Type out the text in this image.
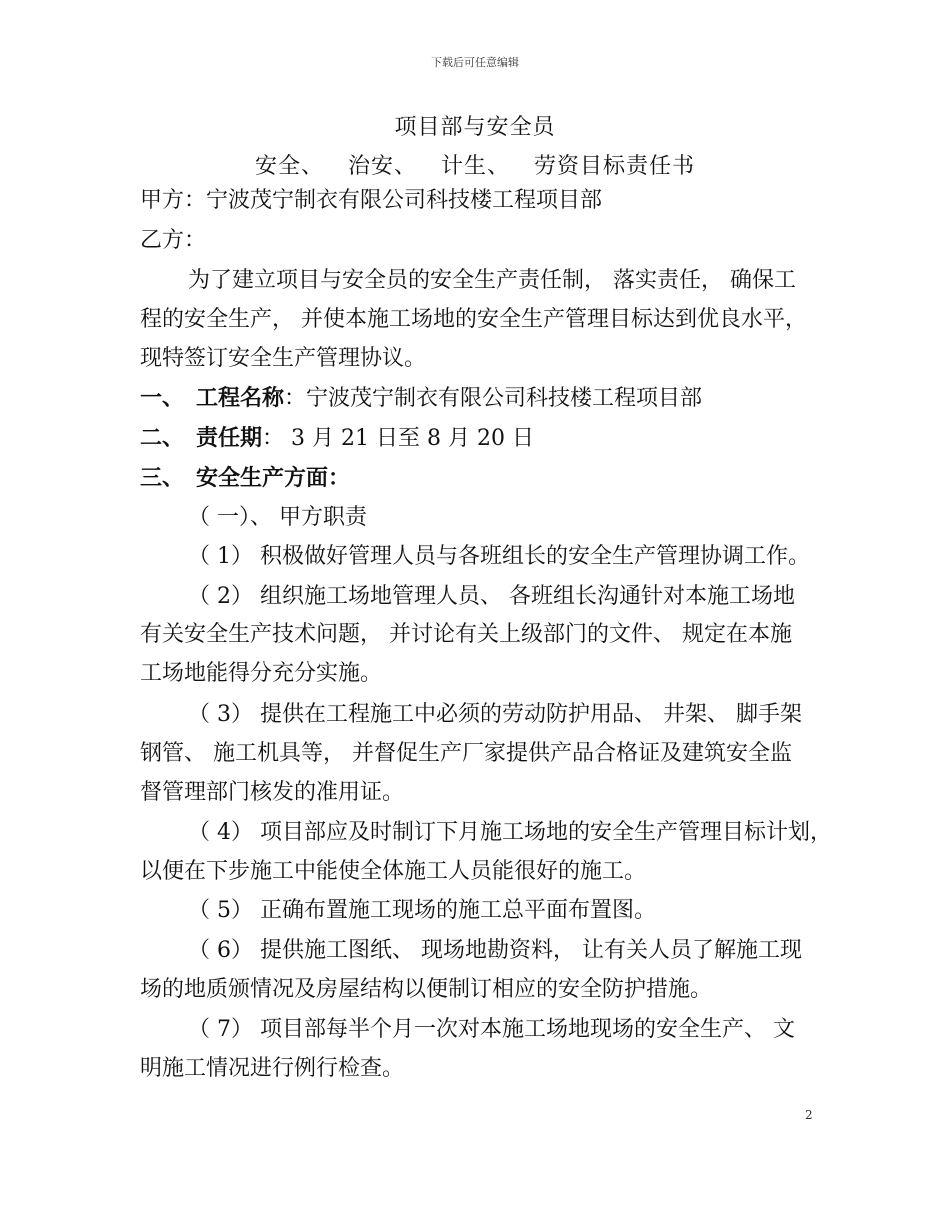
下载后可任意编辑
项目部与安全员
安全、 治安、 计生、 劳资目标责任书
甲方：宁波茂宁制衣有限公司科技楼工程项目部
乙方：
为了建立项目与安全员的安全生产责任制， 落实责任， 确保工
程的安全生产， 并使本施工场地的安全生产管理目标达到优良水平，
现特签订安全生产管理协议。
一、 工程名称：宁波茂宁制衣有限公司科技楼工程项目部
二、 责任期： 3 月 21 日至 8 月 20 日
三、 安全生产方面：
（ 一）、 甲方职责
（ 1） 积极做好管理人员与各班组长的安全生产管理协调工作。
（ 2） 组织施工场地管理人员、 各班组长沟通针对本施工场地
有关安全生产技术问题， 并讨论有关上级部门的文件、 规定在本施
工场地能得分充分实施。
（ 3） 提供在工程施工中必须的劳动防护用品、 井架、 脚手架
钢管、 施工机具等， 并督促生产厂家提供产品合格证及建筑安全监
督管理部门核发的准用证。
（ 4） 项目部应及时制订下月施工场地的安全生产管理目标计划，
以便在下步施工中能使全体施工人员能很好的施工。
（ 5） 正确布置施工现场的施工总平面布置图。
（ 6） 提供施工图纸、 现场地勘资料， 让有关人员了解施工现
场的地质颁情况及房屋结构以便制订相应的安全防护措施。
（ 7） 项目部每半个月一次对本施工场地现场的安全生产、 文
明施工情况进行例行检查。
2
